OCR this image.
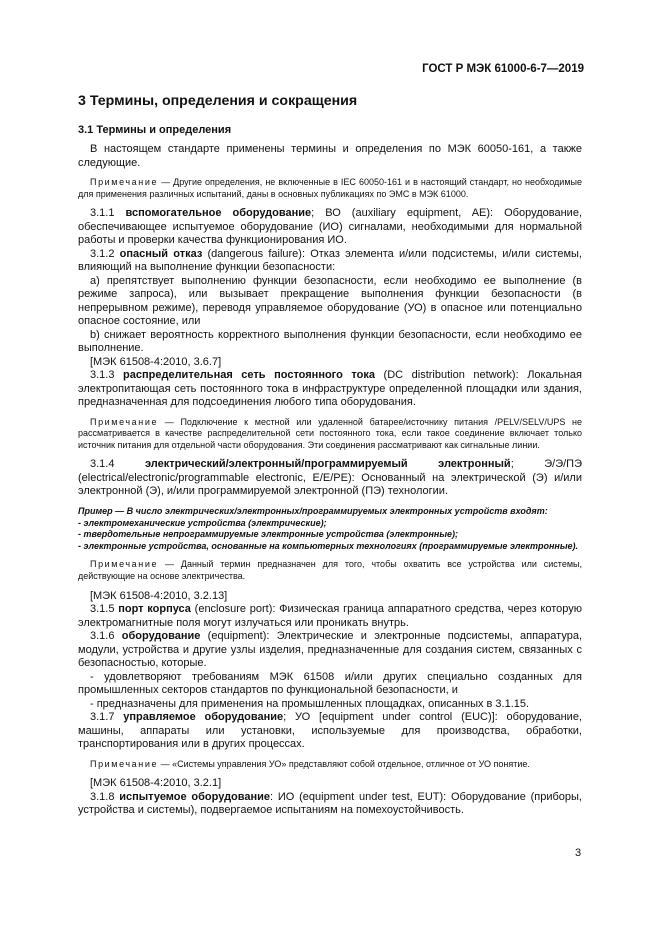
ГОСТ Р МЭК 61000-6-7—2019
3 Термины, определения и сокращения
3.1 Термины и определения

В настоящем стандарте применены термины и определения по МЭК 60050-161, а также следующие.

Примечание — Другие определения, не включенные в IEC 60050-161 и в настоящий стандарт, но необходимые для применения различных испытаний, даны в основных публикациях по ЭМС в МЭК 61000.

3.1.1 вспомогательное оборудование; ВО (auxiliary equipment, AE): Оборудование, обеспечивающее испытуемое оборудование (ИО) сигналами, необходимыми для нормальной работы и проверки качества функционирования ИО.

3.1.2 опасный отказ (dangerous failure): Отказ элемента и/или подсистемы, и/или системы, влияющий на выполнение функции безопасности:

a) препятствует выполнению функции безопасности, если необходимо ее выполнение (в режиме запроса), или вызывает прекращение выполнения функции безопасности (в непрерывном режиме), переводя управляемое оборудование (УО) в опасное или потенциально опасное состояние, или

b) снижает вероятность корректного выполнения функции безопасности, если необходимо ее выполнение.

[МЭК 61508-4:2010, 3.6.7]

3.1.3 распределительная сеть постоянного тока (DC distribution network): Локальная электропитающая сеть постоянного тока в инфраструктуре определенной площадки или здания, предназначенная для подсоединения любого типа оборудования.

Примечание — Подключение к местной или удаленной батарее/источнику питания /PELV/SELV/UPS не рассматривается в качестве распределительной сети постоянного тока, если такое соединение включает только источник питания для отдельной части оборудования. Эти соединения рассматривают как сигнальные линии.

3.1.4 электрический/электронный/программируемый электронный; Э/Э/ПЭ (electrical/electronic/programmable electronic, E/E/PE): Основанный на электрической (Э) и/или электронной (Э), и/или программируемой электронной (ПЭ) технологии.

Пример — В число электрических/электронных/программируемых электронных устройств входят:

- электромеханические устройства (электрические);

- твердотельные непрограммируемые электронные устройства (электронные);

- электронные устройства, основанные на компьютерных технологиях (программируемые электронные).

Примечание — Данный термин предназначен для того, чтобы охватить все устройства или системы, действующие на основе электричества.

[МЭК 61508-4:2010, 3.2.13]

3.1.5 порт корпуса (enclosure port): Физическая граница аппаратного средства, через которую электромагнитные поля могут излучаться или проникать внутрь.

3.1.6 оборудование (equipment): Электрические и электронные подсистемы, аппаратура, модули, устройства и другие узлы изделия, предназначенные для создания систем, связанных с безопасностью, которые.

- удовлетворяют требованиям МЭК 61508 и/или других специально созданных для промышленных секторов стандартов по функциональной безопасности, и

- предназначены для применения на промышленных площадках, описанных в 3.1.15.

3.1.7 управляемое оборудование; УО [equipment under control (EUC)]: оборудование, машины, аппараты или установки, используемые для производства, обработки, транспортирования или в других процессах.

Примечание — «Системы управления УО» представляют собой отдельное, отличное от УО понятие.

[МЭК 61508-4:2010, 3.2.1]

3.1.8 испытуемое оборудование: ИО (equipment under test, EUT): Оборудование (приборы, устройства и системы), подвергаемое испытаниям на помехоустойчивость.

3
